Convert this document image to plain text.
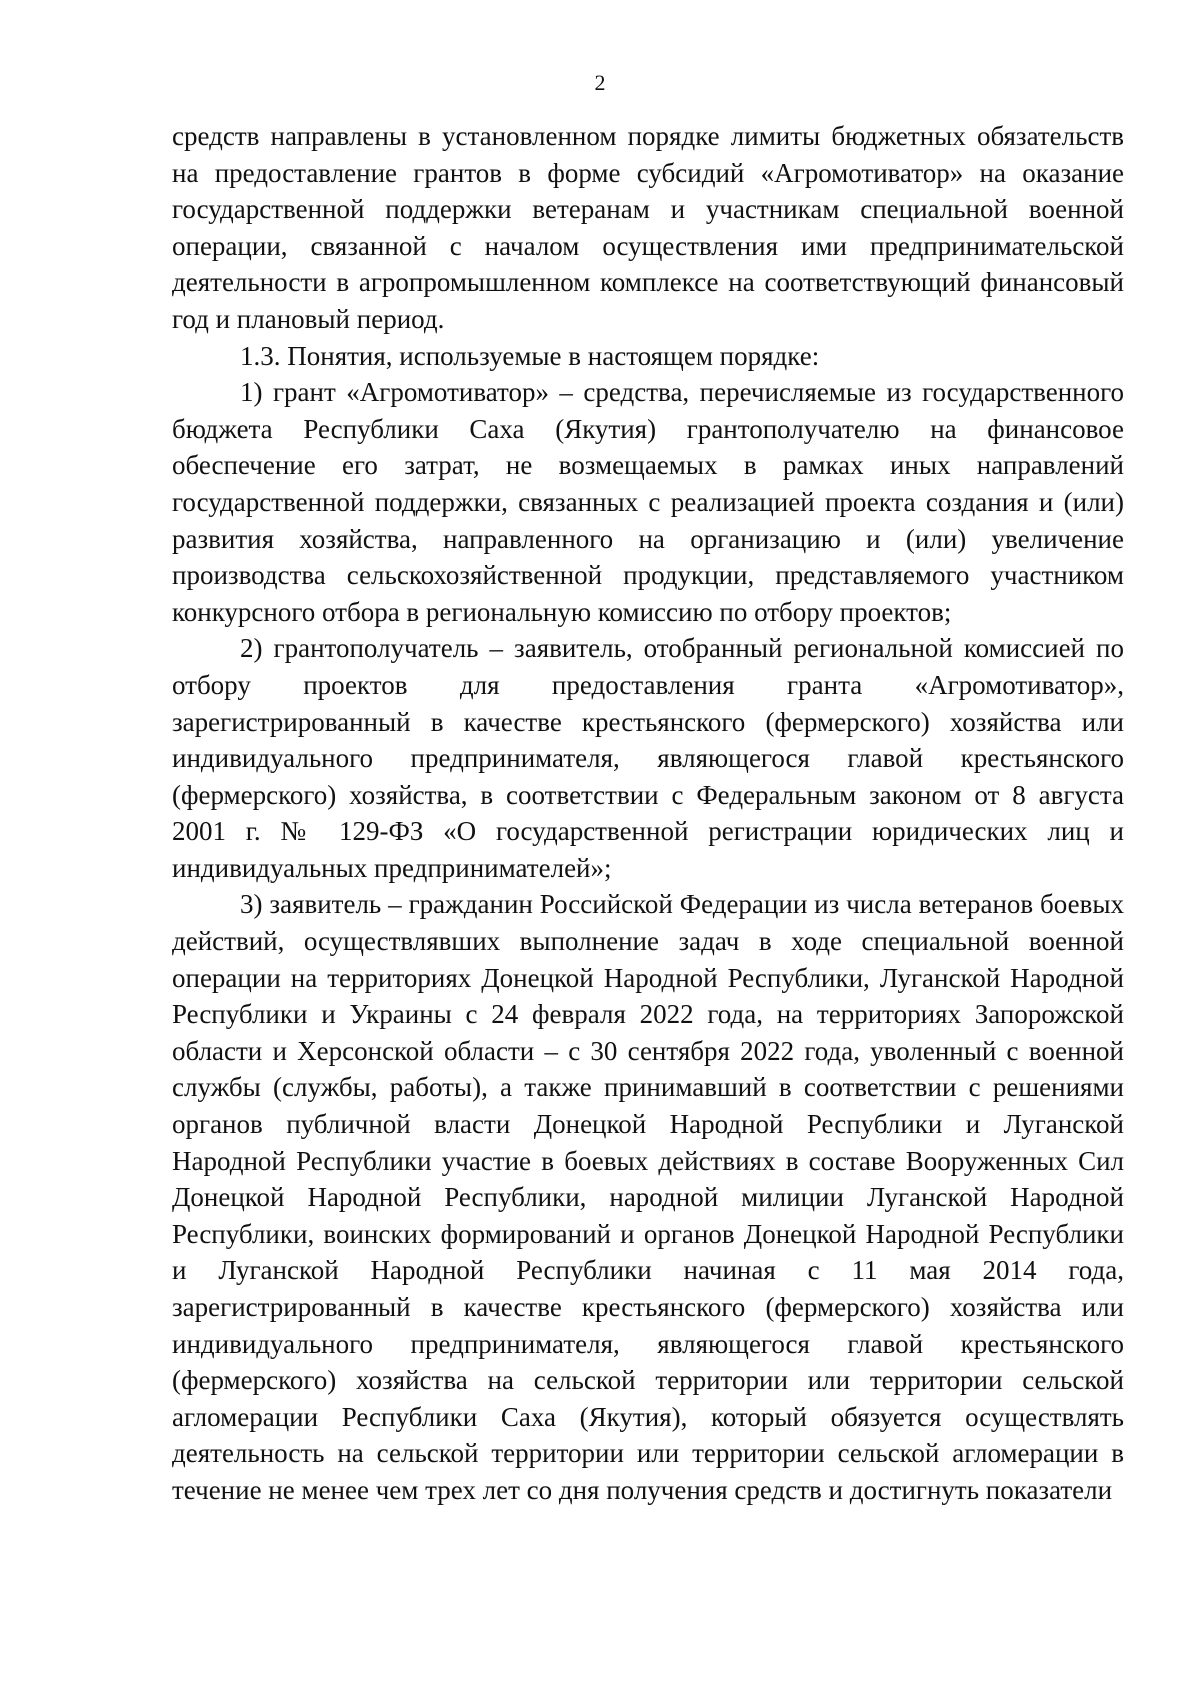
2

средств направлены в установленном порядке лимиты бюджетных обязательств на предоставление грантов в форме субсидий «Агромотиватор» на оказание государственной поддержки ветеранам и участникам специальной военной операции, связанной с началом осуществления ими предпринимательской деятельности в агропромышленном комплексе на соответствующий финансовый год и плановый период.

1.3. Понятия, используемые в настоящем порядке:

1) грант «Агромотиватор» – средства, перечисляемые из государственного бюджета Республики Саха (Якутия) грантополучателю на финансовое обеспечение его затрат, не возмещаемых в рамках иных направлений государственной поддержки, связанных с реализацией проекта создания и (или) развития хозяйства, направленного на организацию и (или) увеличение производства сельскохозяйственной продукции, представляемого участником конкурсного отбора в региональную комиссию по отбору проектов;

2) грантополучатель – заявитель, отобранный региональной комиссией по отбору проектов для предоставления гранта «Агромотиватор», зарегистрированный в качестве крестьянского (фермерского) хозяйства или индивидуального предпринимателя, являющегося главой крестьянского (фермерского) хозяйства, в соответствии с Федеральным законом от 8 августа 2001 г. № 129-ФЗ «О государственной регистрации юридических лиц и индивидуальных предпринимателей»;

3) заявитель – гражданин Российской Федерации из числа ветеранов боевых действий, осуществлявших выполнение задач в ходе специальной военной операции на территориях Донецкой Народной Республики, Луганской Народной Республики и Украины с 24 февраля 2022 года, на территориях Запорожской области и Херсонской области – с 30 сентября 2022 года, уволенный с военной службы (службы, работы), а также принимавший в соответствии с решениями органов публичной власти Донецкой Народной Республики и Луганской Народной Республики участие в боевых действиях в составе Вооруженных Сил Донецкой Народной Республики, народной милиции Луганской Народной Республики, воинских формирований и органов Донецкой Народной Республики и Луганской Народной Республики начиная с 11 мая 2014 года, зарегистрированный в качестве крестьянского (фермерского) хозяйства или индивидуального предпринимателя, являющегося главой крестьянского (фермерского) хозяйства на сельской территории или территории сельской агломерации Республики Саха (Якутия), который обязуется осуществлять деятельность на сельской территории или территории сельской агломерации в течение не менее чем трех лет со дня получения средств и достигнуть показатели
